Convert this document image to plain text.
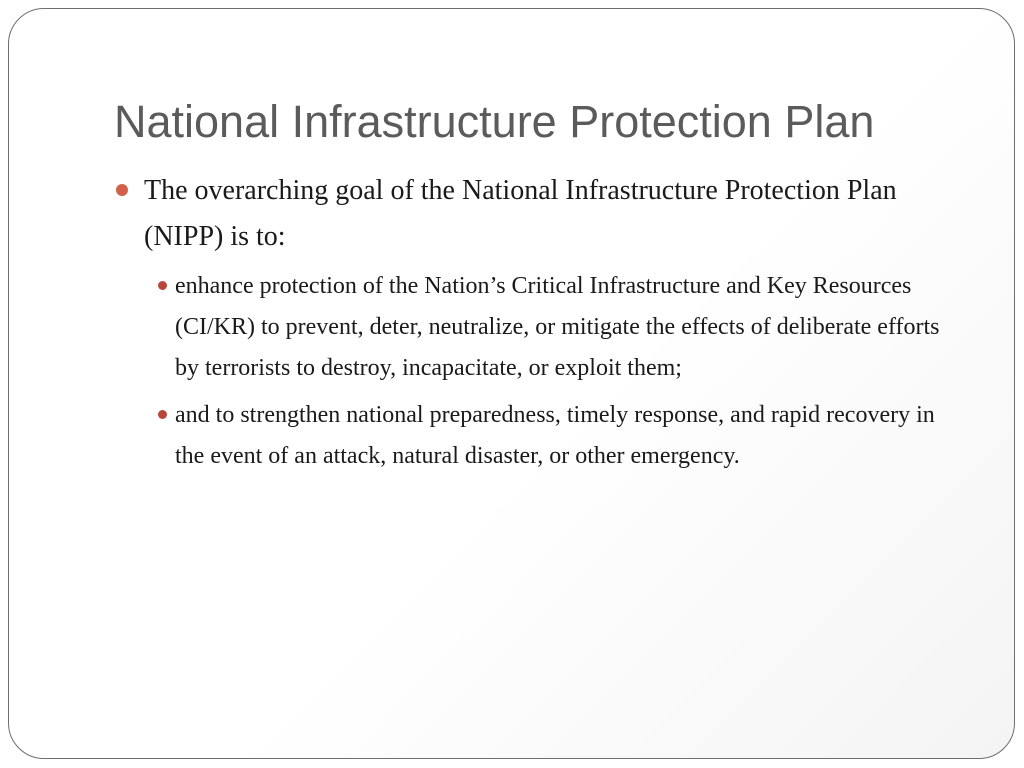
National Infrastructure Protection Plan
The overarching goal of the National Infrastructure Protection Plan (NIPP) is to:
enhance protection of the Nation’s Critical Infrastructure and Key Resources (CI/KR) to prevent, deter, neutralize, or mitigate the effects of deliberate efforts by terrorists to destroy, incapacitate, or exploit them;
and to strengthen national preparedness, timely response, and rapid recovery in the event of an attack, natural disaster, or other emergency.
